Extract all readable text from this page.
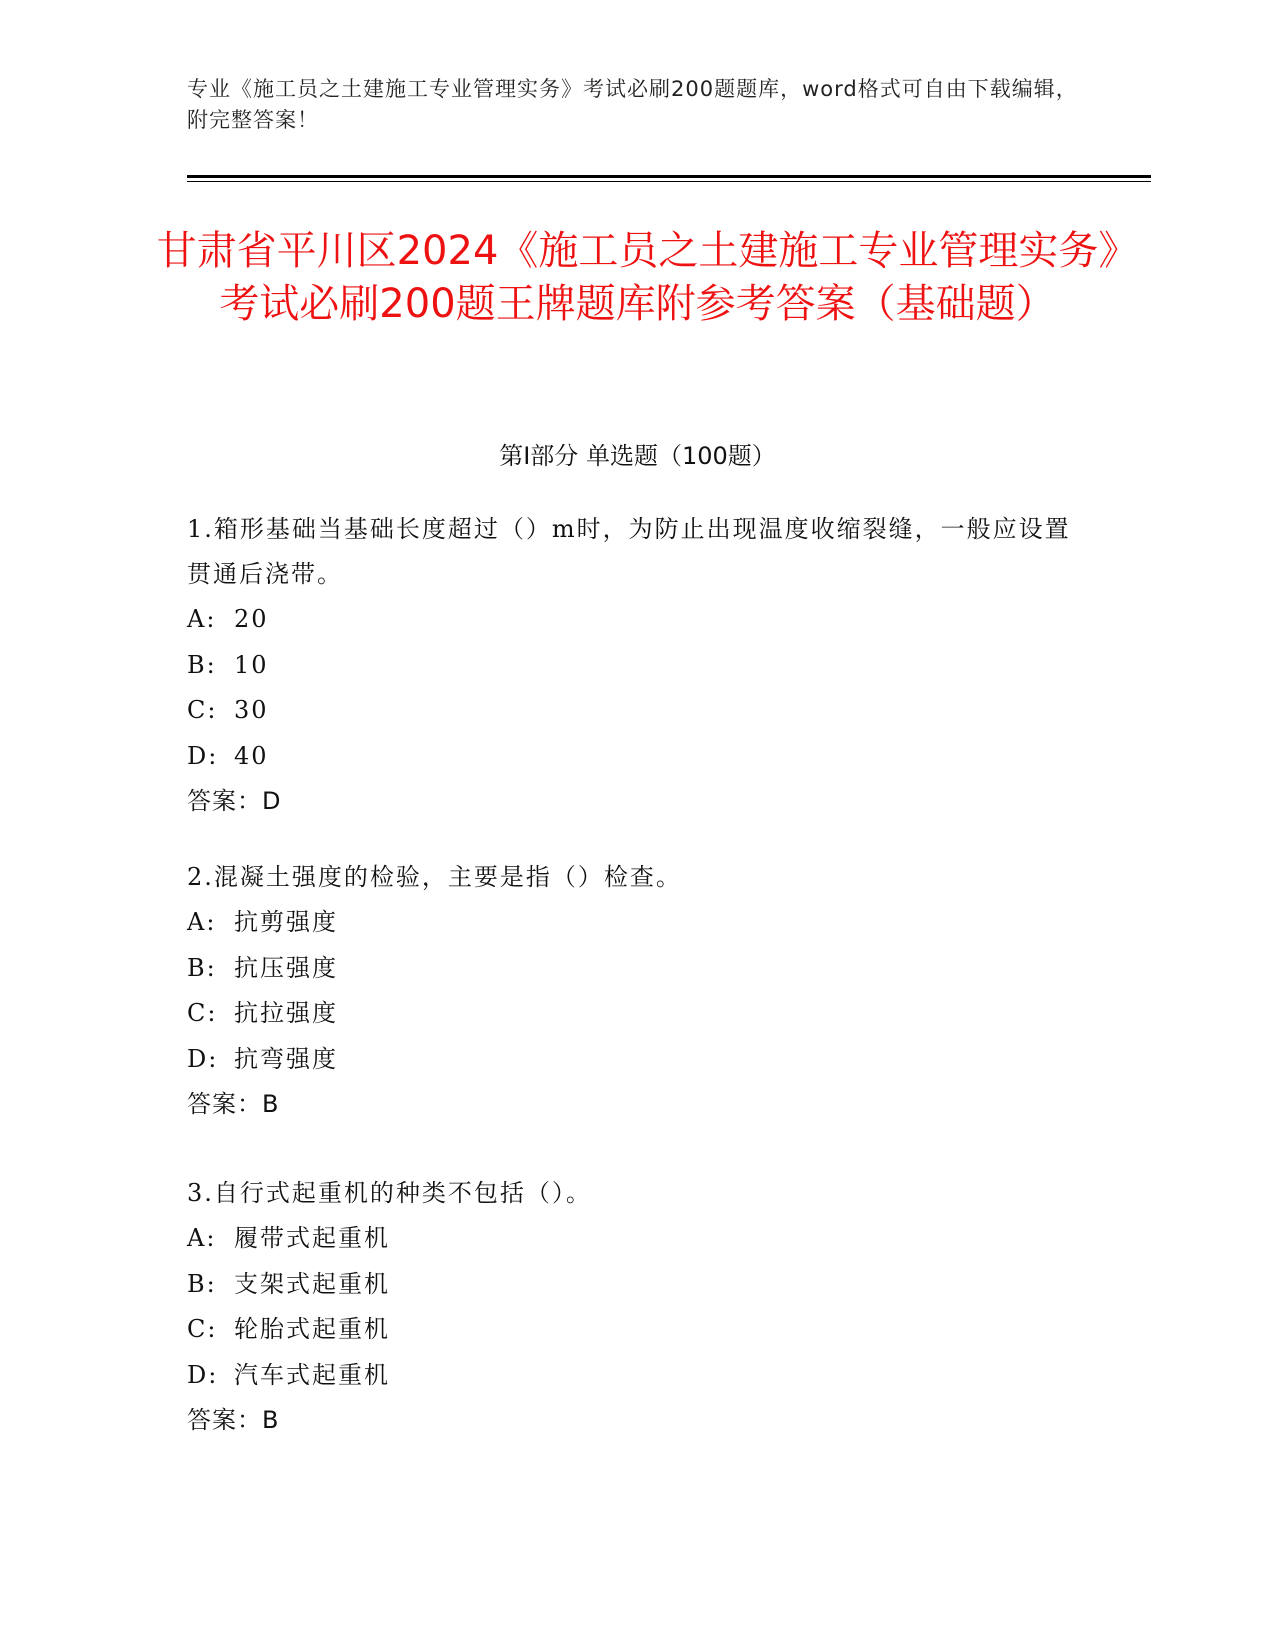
专业《施工员之土建施工专业管理实务》考试必刷200题题库，word格式可自由下载编辑，附完整答案！
甘肃省平川区2024《施工员之土建施工专业管理实务》考试必刷200题王牌题库附参考答案（基础题）
第Ⅰ部分 单选题（100题）
1.箱形基础当基础长度超过（）m时，为防止出现温度收缩裂缝，一般应设置贯通后浇带。
A: 20
B: 10
C: 30
D: 40
答案：D
2.混凝土强度的检验，主要是指（）检查。
A: 抗剪强度
B: 抗压强度
C: 抗拉强度
D: 抗弯强度
答案：B
3.自行式起重机的种类不包括（）。
A: 履带式起重机
B: 支架式起重机
C: 轮胎式起重机
D: 汽车式起重机
答案：B
